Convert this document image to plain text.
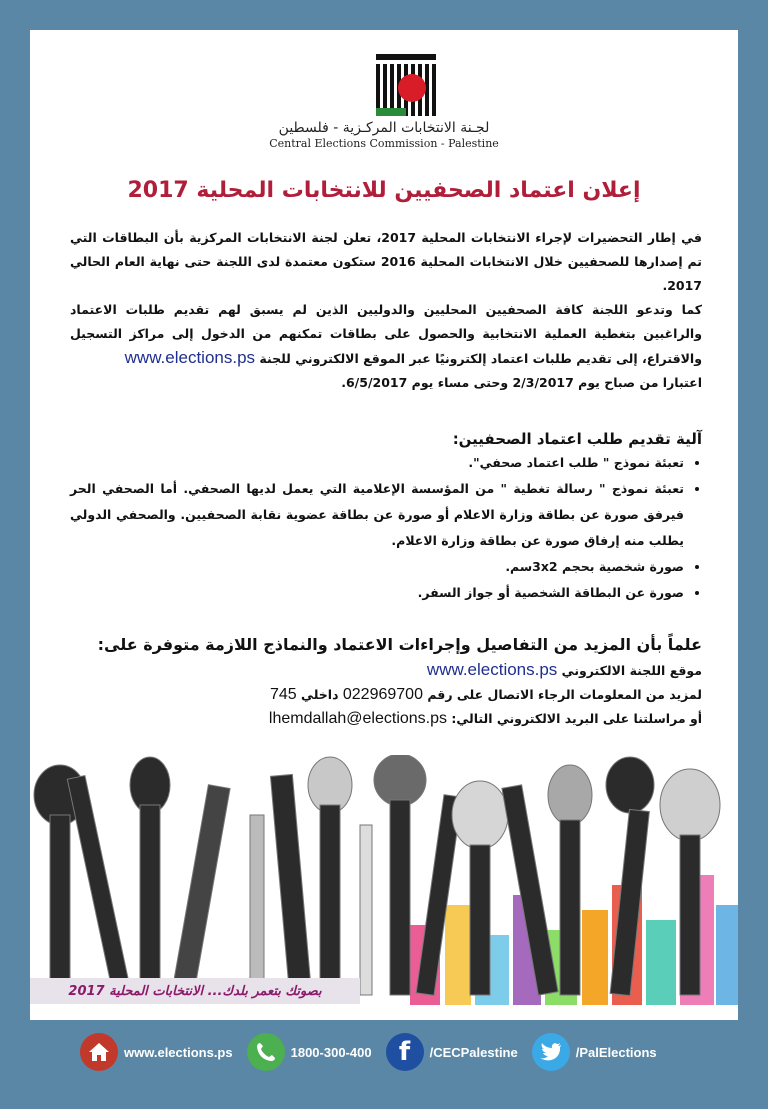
لجـنة الانتخابات المركـزية - فلسطين
Central Elections Commission - Palestine
إعلان اعتماد الصحفيين للانتخابات المحلية 2017
في إطار التحضيرات لإجراء الانتخابات المحلية 2017، تعلن لجنة الانتخابات المركزية بأن البطاقات التي تم إصدارها للصحفيين خلال الانتخابات المحلية 2016 ستكون معتمدة لدى اللجنة حتى نهاية العام الحالي 2017.
كما وتدعو اللجنة كافة الصحفيين المحليين والدوليين الذين لم يسبق لهم تقديم طلبات الاعتماد والراغبين بتغطية العملية الانتخابية والحصول على بطاقات تمكنهم من الدخول إلى مراكز التسجيل والاقتراع، إلى تقديم طلبات اعتماد إلكترونيًا عبر الموقع الالكتروني للجنة www.elections.ps
اعتبارا من صباح يوم 2/3/2017 وحتى مساء يوم 6/5/2017.
آلية تقديم طلب اعتماد الصحفيين:
• تعبئة نموذج " طلب اعتماد صحفي".
• تعبئة نموذج " رسالة تغطية " من المؤسسة الإعلامية التي يعمل لديها الصحفي. أما الصحفي الحر فيرفق صورة عن بطاقة وزارة الاعلام أو صورة عن بطاقة عضوية نقابة الصحفيين. والصحفي الدولي يطلب منه إرفاق صورة عن بطاقة وزارة الاعلام.
• صورة شخصية بحجم 3x2سم.
• صورة عن البطاقة الشخصية أو جواز السفر.
علماً بأن المزيد من التفاصيل وإجراءات الاعتماد والنماذج اللازمة متوفرة على:
موقع اللجنة الالكتروني www.elections.ps
لمزيد من المعلومات الرجاء الاتصال على رقم 022969700 داخلي 745
أو مراسلتنا على البريد الالكتروني التالي: lhemdallah@elections.ps
بصوتك بتعمر بلدك... الانتخابات المحلية 2017
www.elections.ps	1800-300-400 f /CECPalestine	/PalElections
